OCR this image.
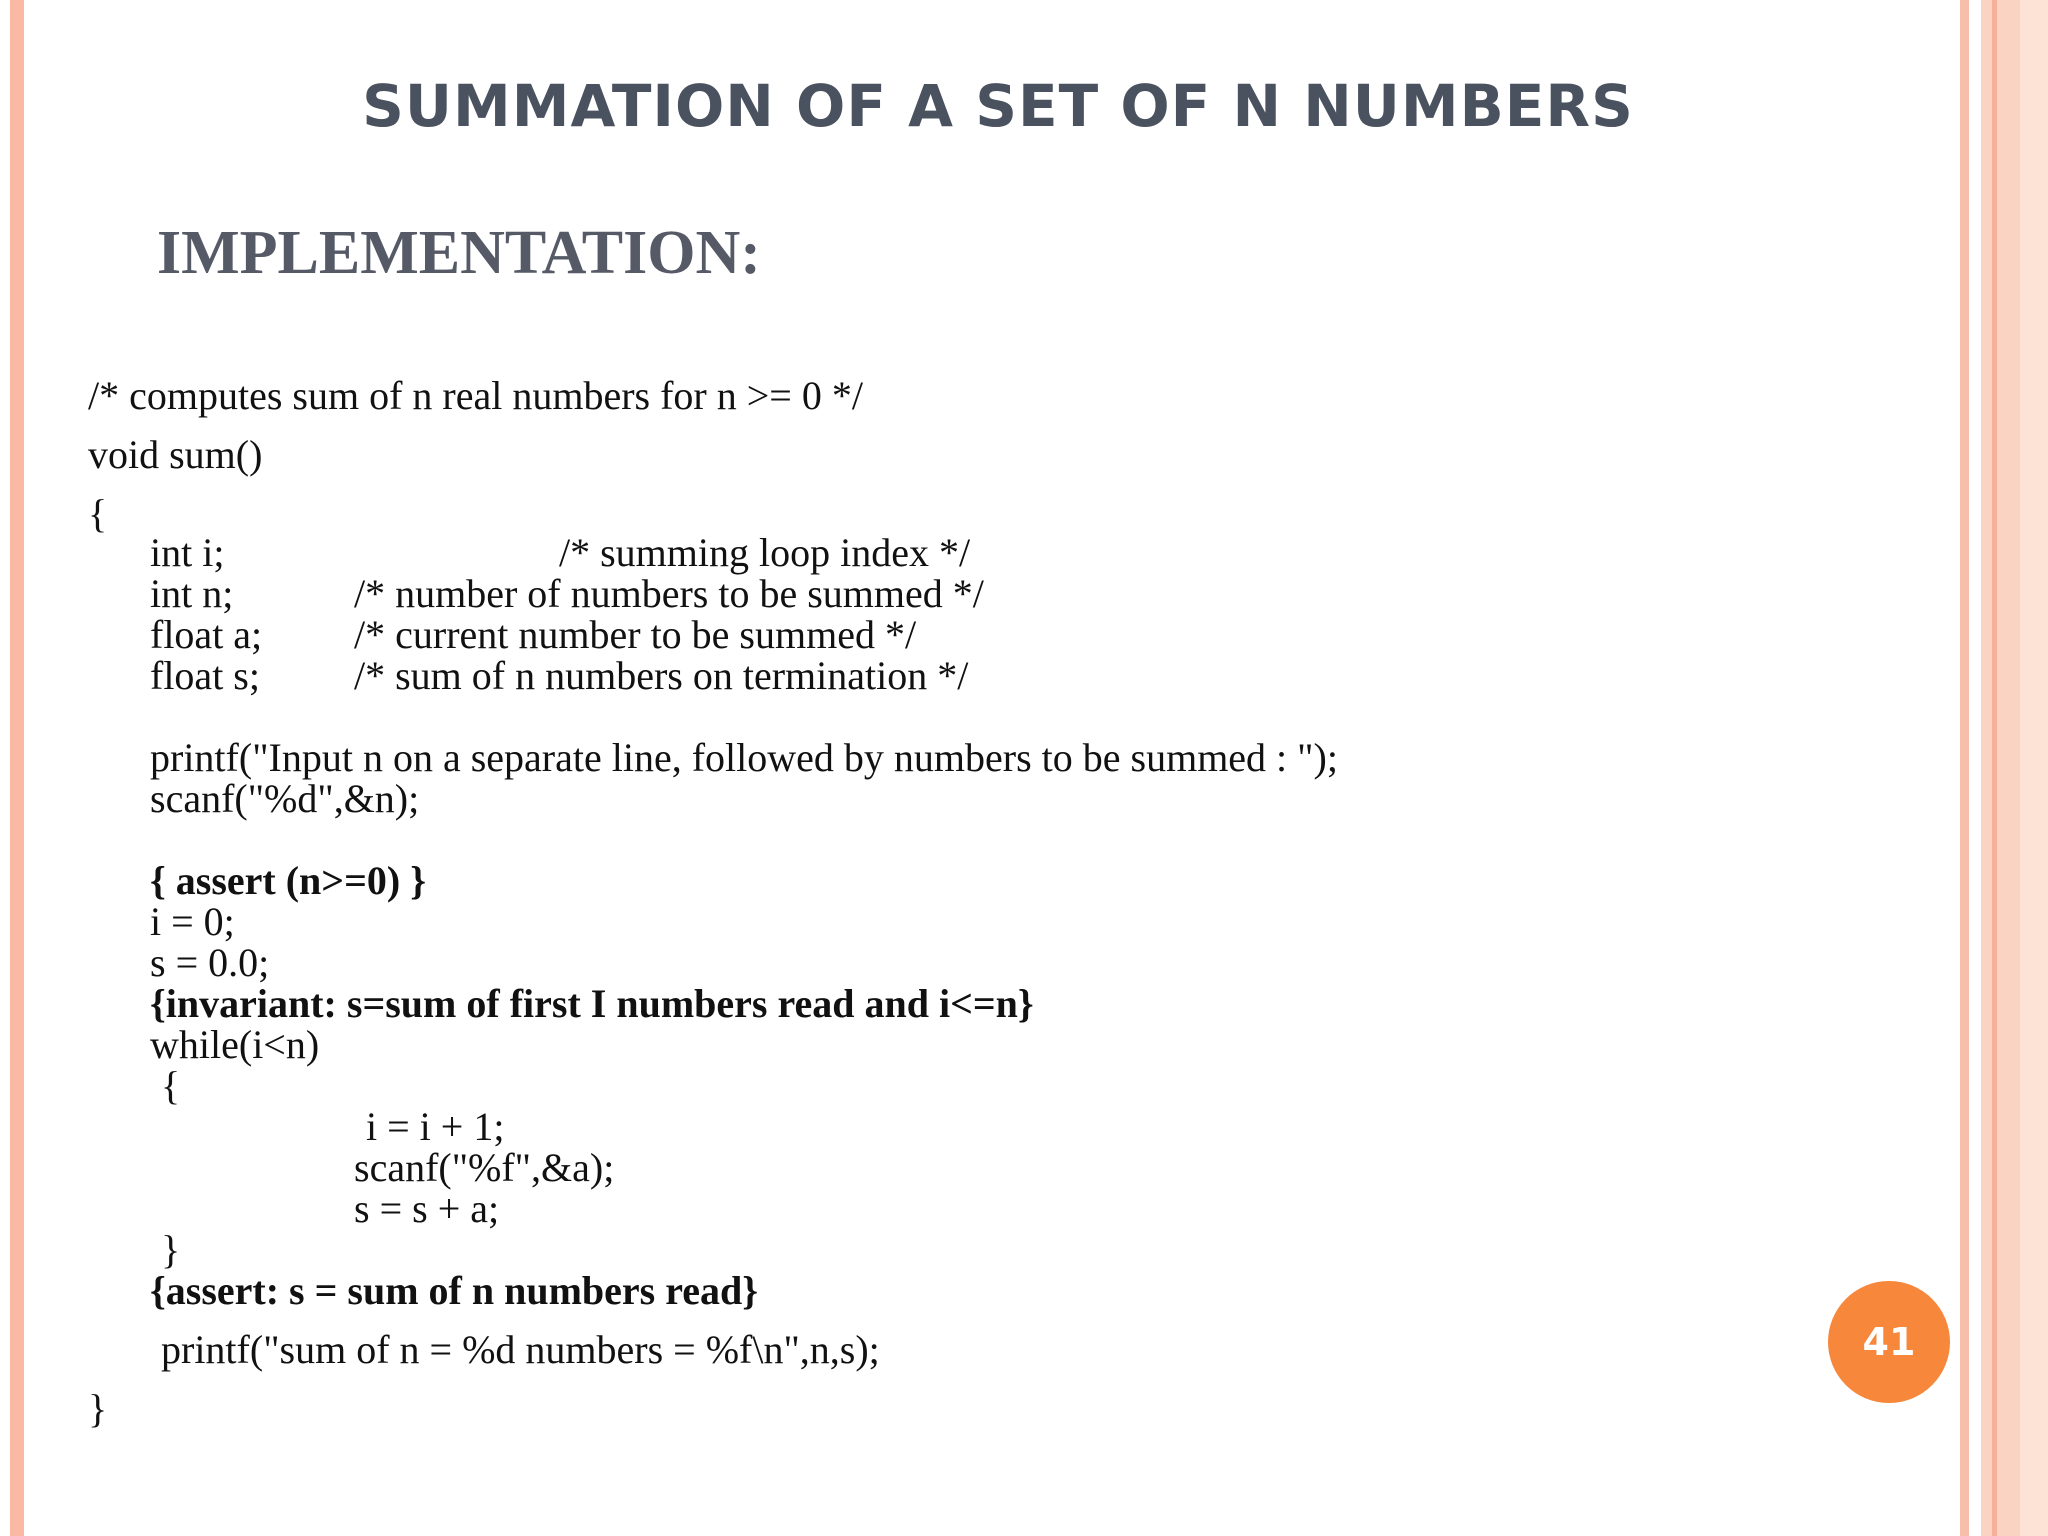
SUMMATION OF A SET OF N NUMBERS
IMPLEMENTATION:
/* computes sum of n real numbers for n >= 0 */
void sum()
{
int i;	/* summing loop index */
int n;	/* number of numbers to be summed */
float a; /* current number to be summed */
float s; /* sum of n numbers on termination */
printf("Input n on a separate line, followed by numbers to be summed : ");
scanf("%d",&n);
{ assert (n>=0) }
i = 0;
s = 0.0;
{invariant: s=sum of first I numbers read and i<=n}
while(i<n)
{
i = i + 1;
scanf("%f",&a);
s = s + a;
}
{assert: s = sum of n numbers read}
printf("sum of n = %d numbers = %f\n",n,s);
}
41
